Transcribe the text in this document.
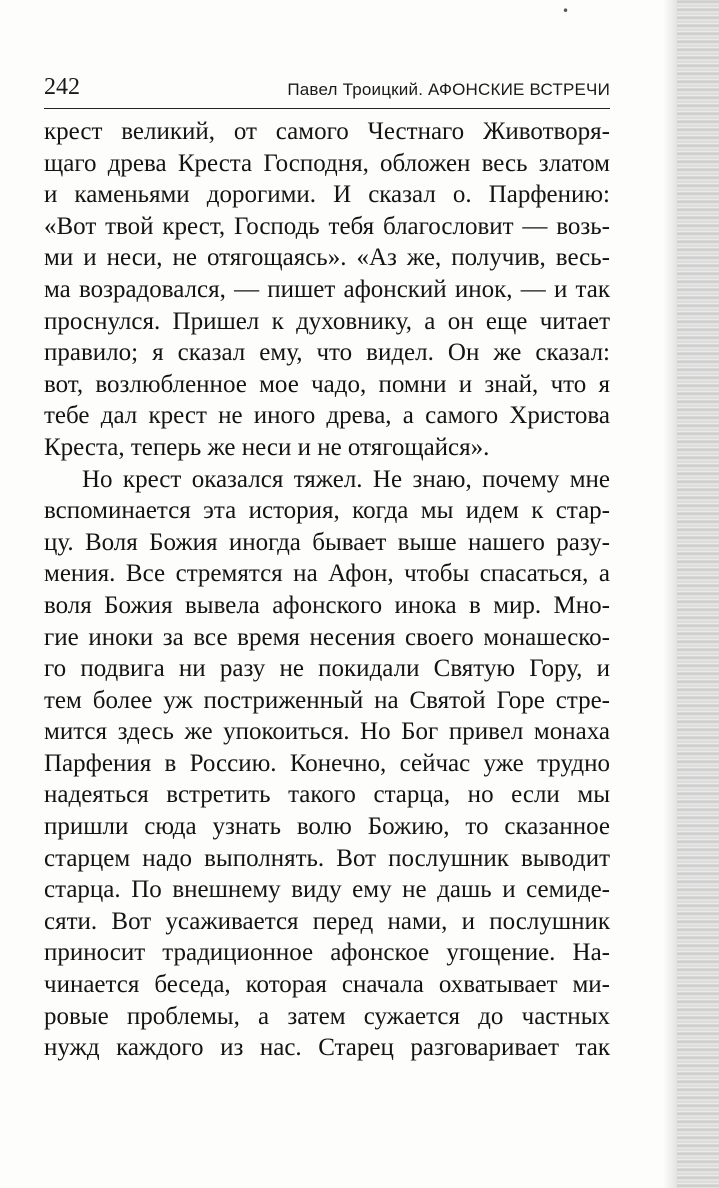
•
242	Павел Троицкий. АФОНСКИЕ ВСТРЕЧИ
крест великий, от самого Честнаго Животворя-
щаго древа Креста Господня, обложен весь златом
и каменьями дорогими. И сказал о. Парфению:
«Вот твой крест, Господь тебя благословит — возь-
ми и неси, не отягощаясь». «Аз же, получив, весь-
ма возрадовался, — пишет афонский инок, — и так
проснулся. Пришел к духовнику, а он еще читает
правило; я сказал ему, что видел. Он же сказал:
вот, возлюбленное мое чадо, помни и знай, что я
тебе дал крест не иного древа, а самого Христова
Креста, теперь же неси и не отягощайся».
Но крест оказался тяжел. Не знаю, почему мне
вспоминается эта история, когда мы идем к стар-
цу. Воля Божия иногда бывает выше нашего разу-
мения. Все стремятся на Афон, чтобы спасаться, а
воля Божия вывела афонского инока в мир. Мно-
гие иноки за все время несения своего монашеско-
го подвига ни разу не покидали Святую Гору, и
тем более уж постриженный на Святой Горе стре-
мится здесь же упокоиться. Но Бог привел монаха
Парфения в Россию. Конечно, сейчас уже трудно
надеяться встретить такого старца, но если мы
пришли сюда узнать волю Божию, то сказанное
старцем надо выполнять. Вот послушник выводит
старца. По внешнему виду ему не дашь и семиде-
сяти. Вот усаживается перед нами, и послушник
приносит традиционное афонское угощение. На-
чинается беседа, которая сначала охватывает ми-
ровые проблемы, а затем сужается до частных
нужд каждого из нас. Старец разговаривает так
